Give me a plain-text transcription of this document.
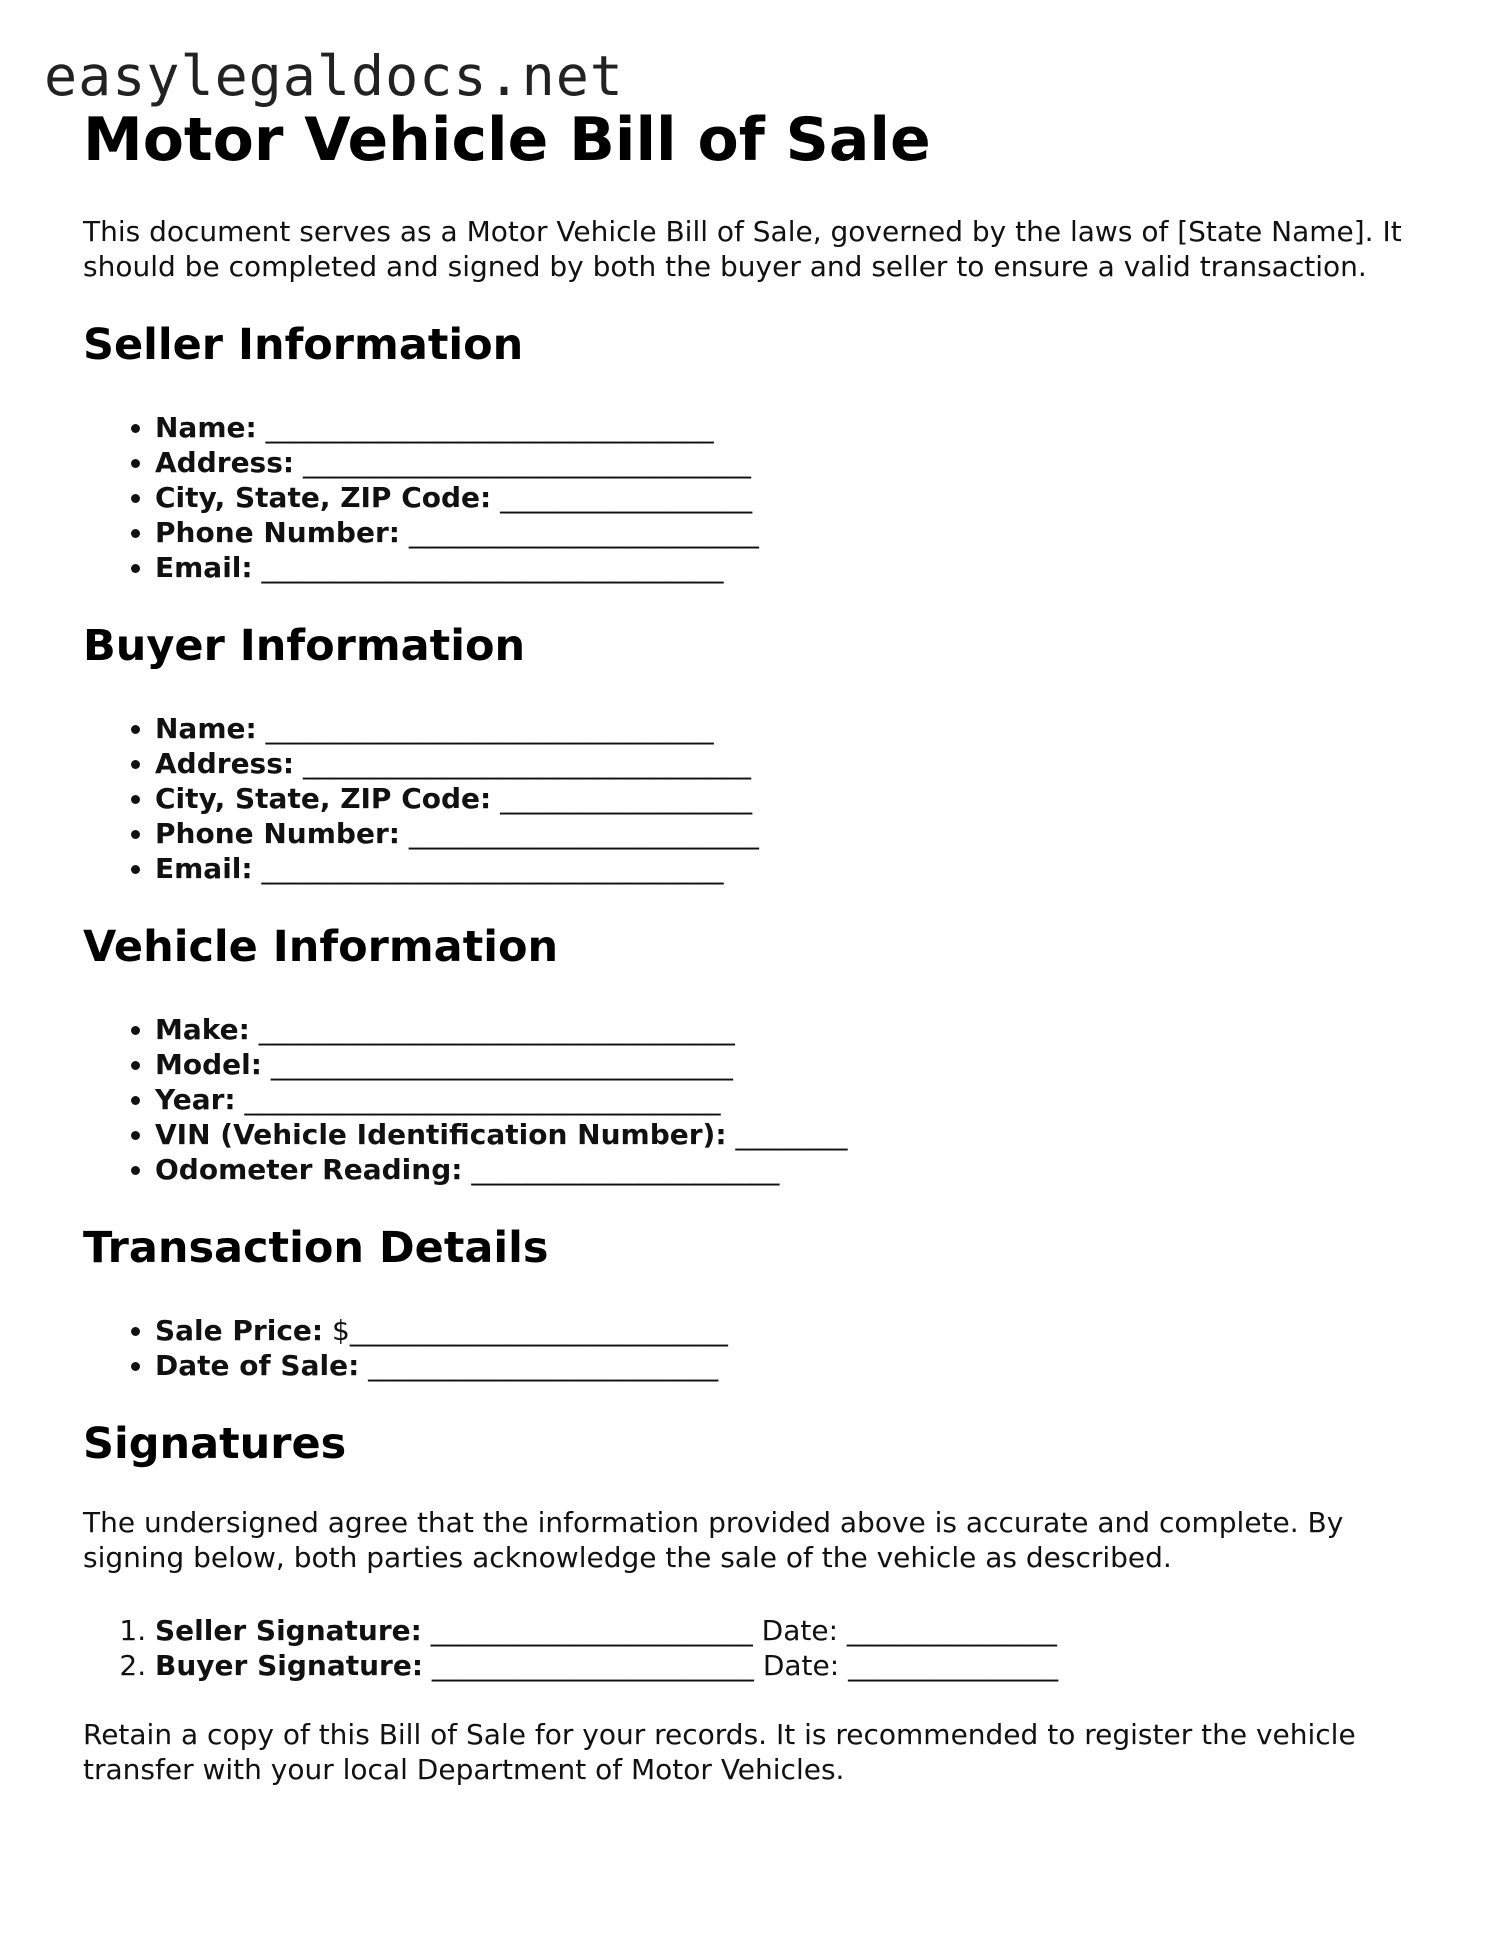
easylegaldocs.net
Motor Vehicle Bill of Sale

This document serves as a Motor Vehicle Bill of Sale, governed by the laws of [State Name]. It should be completed and signed by both the buyer and seller to ensure a valid transaction.

Seller Information
• Name: ________________________________
• Address: ________________________________
• City, State, ZIP Code: __________________
• Phone Number: _________________________
• Email: _________________________________
Buyer Information
• Name: ________________________________
• Address: ________________________________
• City, State, ZIP Code: __________________
• Phone Number: _________________________
• Email: _________________________________
Vehicle Information
• Make: __________________________________
• Model: _________________________________
• Year: __________________________________
• VIN (Vehicle Identification Number): ________
• Odometer Reading: ______________________
Transaction Details
• Sale Price: $___________________________
• Date of Sale: _________________________
Signatures

The undersigned agree that the information provided above is accurate and complete. By signing below, both parties acknowledge the sale of the vehicle as described.

1. Seller Signature: _______________________ Date: _______________
2. Buyer Signature: _______________________ Date: _______________

Retain a copy of this Bill of Sale for your records. It is recommended to register the vehicle transfer with your local Department of Motor Vehicles.
